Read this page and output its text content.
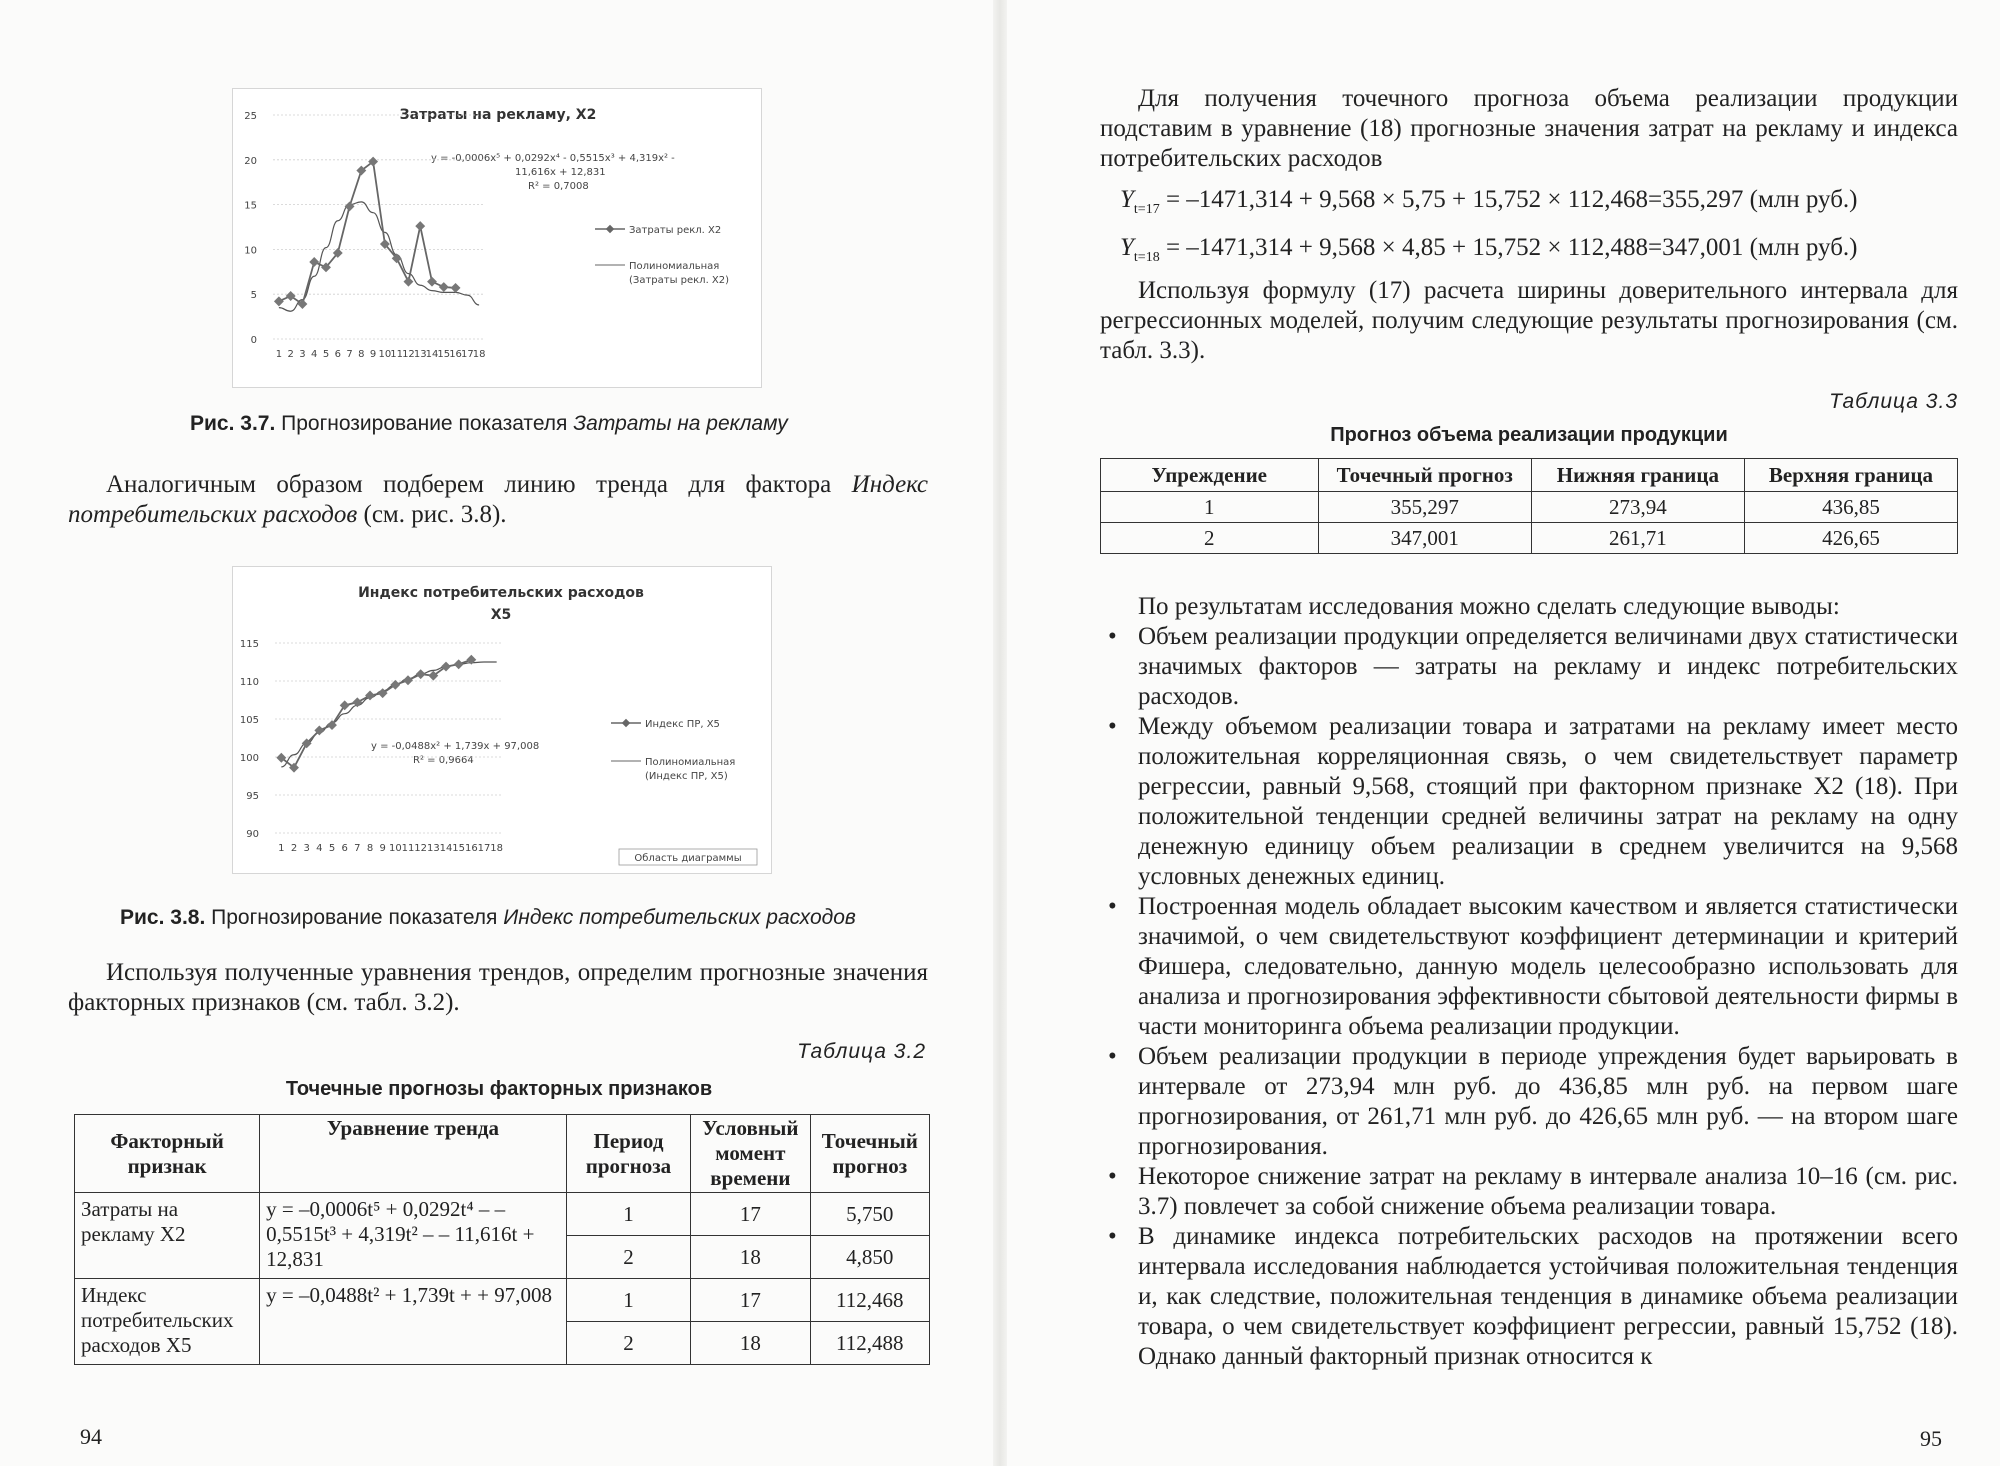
Затраты на рекламу, X2
y = -0,0006x⁵ + 0,0292x⁴ - 0,5515x³ + 4,319x² -
11,616x + 12,831
R² = 0,7008
Затраты рекл. X2
Полиномиальная
(Затраты рекл. X2)
0
5
10
15
20
25
1 2 3 4 5 6 7 8 9 10 11 12 13 14 15 16 17 18
Рис. 3.7. Прогнозирование показателя Затраты на рекламу
Аналогичным образом подберем линию тренда для фактора Индекс потребительских расходов (см. рис. 3.8).
Индекс потребительских расходов
X5
y = -0,0488x² + 1,739x + 97,008
R² = 0,9664
Индекс ПР, X5
Полиномиальная
(Индекс ПР, X5)
Область диаграммы
90
95
100
105
110
115
1 2 3 4 5 6 7 8 9 10 11 12 13 14 15 16 17 18
Рис. 3.8. Прогнозирование показателя Индекс потребительских расходов
Используя полученные уравнения трендов, определим прогнозные значения факторных признаков (см. табл. 3.2).
Таблица 3.2
Точечные прогнозы факторных признаков
Факторный признак	Уравнение тренда	Период прогноза	Условный момент времени	Точечный прогноз
Затраты на рекламу X2	y = –0,0006t⁵ + 0,0292t⁴ – – 0,5515t³ + 4,319t² – – 11,616t + 12,831	1	17	5,750
		2	18	4,850
Индекс потребительских расходов X5	y = –0,0488t² + 1,739t + + 97,008	1	17	112,468
		2	18	112,488
94
Для получения точечного прогноза объема реализации продукции подставим в уравнение (18) прогнозные значения затрат на рекламу и индекса потребительских расходов
$Y_{t=17} = -1471,314 + 9,568 \times 5,75 + 15,752 \times 112,468=355,297$ (млн руб.)
$Y_{t=18} = -1471,314 + 9,568 \times 4,85 + 15,752 \times 112,488=347,001$ (млн руб.)
Используя формулу (17) расчета ширины доверительного интервала для регрессионных моделей, получим следующие результаты прогнозирования (см. табл. 3.3).
Таблица 3.3
Прогноз объема реализации продукции
Упреждение	Точечный прогноз	Нижняя граница	Верхняя граница
1	355,297	273,94	436,85
2	347,001	261,71	426,65
По результатам исследования можно сделать следующие выводы:
• Объем реализации продукции определяется величинами двух статистически значимых факторов — затраты на рекламу и индекс потребительских расходов.
• Между объемом реализации товара и затратами на рекламу имеет место положительная корреляционная связь, о чем свидетельствует параметр регрессии, равный 9,568, стоящий при факторном признаке X2 (18). При положительной тенденции средней величины затрат на рекламу на одну денежную единицу объем реализации в среднем увеличится на 9,568 условных денежных единиц.
• Построенная модель обладает высоким качеством и является статистически значимой, о чем свидетельствуют коэффициент детерминации и критерий Фишера, следовательно, данную модель целесообразно использовать для анализа и прогнозирования эффективности сбытовой деятельности фирмы в части мониторинга объема реализации продукции.
• Объем реализации продукции в периоде упреждения будет варьировать в интервале от 273,94 млн руб. до 436,85 млн руб. на первом шаге прогнозирования, от 261,71 млн руб. до 426,65 млн руб. — на втором шаге прогнозирования.
• Некоторое снижение затрат на рекламу в интервале анализа 10–16 (см. рис. 3.7) повлечет за собой снижение объема реализации товара.
• В динамике индекса потребительских расходов на протяжении всего интервала исследования наблюдается устойчивая положительная тенденция и, как следствие, положительная тенденция в динамике объема реализации товара, о чем свидетельствует коэффициент регрессии, равный 15,752 (18). Однако данный факторный признак относится к
95
